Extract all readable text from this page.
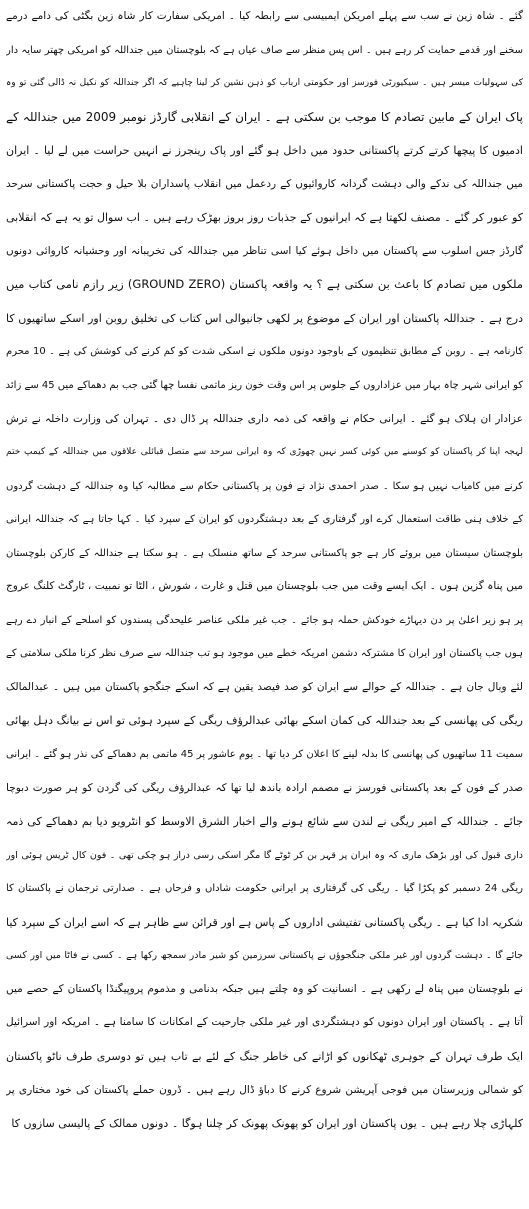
گئے ۔ شاہ زین نے سب سے پہلے امریکن ایمبیسی سے رابطہ کیا ۔ امریکی سفارت کار شاہ زین بگٹی کی دامے درمے
سخنے اور قدمے حمایت کر رہے ہیں ۔ اس پس منظر سے صاف عیاں ہے کہ بلوچستان میں جنداللہ کو امریکی چھتر سایہ دار
کی سہولیات میسر ہیں ۔ سیکیورٹی فورسز اور حکومتی ارباب کو ذہن نشین کر لینا چاہیے کہ اگر جنداللہ کو نکیل نہ ڈالی گئی تو وہ
پاک ایران کے مابین تصادم کا موجب بن سکتی ہے ۔ ایران کے انقلابی گارڈز نومبر 2009 میں جنداللہ کے
ادمیوں کا پیچھا کرتے کرتے پاکستانی حدود میں داخل ہو گئے اور پاک رینجرز نے انہیں حراست میں لے لیا ۔ ایران
میں جنداللہ کی ندکے والی دہشت گردانہ کاروائیوں کے ردعمل میں انقلاب پاسداران بلا حیل و حجت پاکستانی سرحد
کو عبور کر گئے ۔ مصنف لکھتا ہے کہ ایرانیوں کے جذبات روز بروز بھڑک رہے ہیں ۔ اب سوال تو یہ ہے کہ انقلابی
گارڈز جس اسلوب سے پاکستان میں داخل ہوئے کیا اسی تناظر میں جنداللہ کی تخریبانہ اور وحشیانہ کاروائی دونوں
ملکوں میں تصادم کا باعث بن سکتی ہے ؟ یہ واقعہ پاکستان (GROUND ZERO) زیر رازم نامی کتاب میں
درج ہے ۔ جنداللہ پاکستان اور ایران کے موضوع پر لکھی جانیوالی اس کتاب کی تخلیق روبن اور اسکے ساتھیوں کا
کارنامہ ہے ۔ روبن کے مطابق تنظیموں کے باوجود دونوں ملکوں نے اسکی شدت کو کم کرنے کی کوشش کی ہے ۔ 10 محرم
کو ایرانی شہر چاہ بہار میں عزاداروں کے جلوس پر اس وقت خون ریز ماتمی نفسا چھا گئی جب بم دھماکے میں 45 سے زائد
عزادار ان ہلاک ہو گئے ۔ ایرانی حکام نے واقعہ کی ذمہ داری جنداللہ پر ڈال دی ۔ تہران کی وزارت داخلہ نے ترش
لہجہ اپنا کر پاکستان کو کوسنے میں کوئی کسر نہیں چھوڑی کہ وہ ایرانی سرحد سے متصل قبائلی علاقوں میں جنداللہ کے کیمپ ختم
کرنے میں کامیاب نہیں ہو سکا ۔ صدر احمدی نژاد نے فون پر پاکستانی حکام سے مطالبہ کیا وہ جنداللہ کے دہشت گردوں
کے خلاف ہنی طاقت استعمال کرے اور گرفتاری کے بعد دہشتگردوں کو ایران کے سپرد کیا ۔ کہا جاتا ہے کہ جنداللہ ایرانی
بلوچستان سیستان میں بروئے کار ہے جو پاکستانی سرحد کے ساتھ منسلک ہے ۔ ہو سکتا ہے جنداللہ کے کارکن بلوچستان
میں پناہ گزین ہوں ۔ ایک ایسے وقت میں جب بلوچستان میں قتل و غارت ، شورش ، الٹا تو نمبیت ، ٹارگٹ کلنگ عروج
پر ہو زیر اعلیٰ پر دن دیہاڑے خودکش حملہ ہو جائے ۔ جب غیر ملکی عناصر علیحدگی پسندوں کو اسلحے کے انبار دے رہے
ہوں جب پاکستان اور ایران کا مشترکہ دشمن امریکہ خطے میں موجود ہو تب جنداللہ سے صرف نظر کرنا ملکی سلامتی کے
لئے وبال جان ہے ۔ جنداللہ کے حوالے سے ایران کو صد فیصد یقین ہے کہ اسکے جنگجو پاکستان میں ہیں ۔ عبدالمالک
ریگی کی پھانسی کے بعد جنداللہ کی کمان اسکے بھائی عبدالرؤف ریگی کے سپرد ہوئی تو اس نے بیانگ دہل بھائی
سمیت 11 ساتھیوں کی پھانسی کا بدلہ لینے کا اعلان کر دیا تھا ۔ یوم عاشور پر 45 ماتمی بم دھماکے کی نذر ہو گئے ۔ ایرانی
صدر کے فون کے بعد پاکستانی فورسز نے مصمم ارادہ باندھ لیا تھا کہ عبدالرؤف ریگی کی گردن کو ہر صورت دبوچا
جائے ۔ جنداللہ کے امیر ریگی نے لندن سے شائع ہونے والے اخبار الشرق الاوسط کو انٹرویو دیا بم دھماکے کی ذمہ
داری قبول کی اور بڑھک ماری کہ وہ ایران پر قہر بن کر ٹوٹے گا مگر اسکی رسی دراز ہو چکی تھی ۔ فون کال ٹریس ہوئی اور
ریگی 24 دسمبر کو پکڑا گیا ۔ ریگی کی گرفتاری پر ایرانی حکومت شاداں و فرحاں ہے ۔ صدارتی ترجمان نے پاکستان کا
شکریہ ادا کیا ہے ۔ ریگی پاکستانی تفتیشی اداروں کے پاس ہے اور قرائن سے ظاہر ہے کہ اسے ایران کے سپرد کیا
جائے گا ۔ دہشت گردوں اور غیر ملکی جنگجوؤں نے پاکستانی سرزمین کو شیر مادر سمجھ رکھا ہے ۔ کسی نے فاٹا میں اور کسی
نے بلوچستان میں پناہ لے رکھی ہے ۔ انسانیت کو وہ چلتے ہیں جبکہ بدنامی و مذموم پروپیگنڈا پاکستان کے حصے میں
آتا ہے ۔ پاکستان اور ایران دونوں کو دہشتگردی اور غیر ملکی جارحیت کے امکانات کا سامنا ہے ۔ امریکہ اور اسرائیل
ایک طرف تہران کے جوہری ٹھکانوں کو اڑانے کی خاطر جنگ کے لئے بے تاب ہیں تو دوسری طرف ناٹو پاکستان
کو شمالی وزیرستان میں فوجی آپریشن شروع کرنے کا دباؤ ڈال رہے ہیں ۔ ڈرون حملے پاکستان کی خود مختاری پر
کلہاڑی چلا رہے ہیں ۔ یوں پاکستان اور ایران کو پھونک پھونک کر چلنا ہوگا ۔ دونوں ممالک کے پالیسی سازوں کا
